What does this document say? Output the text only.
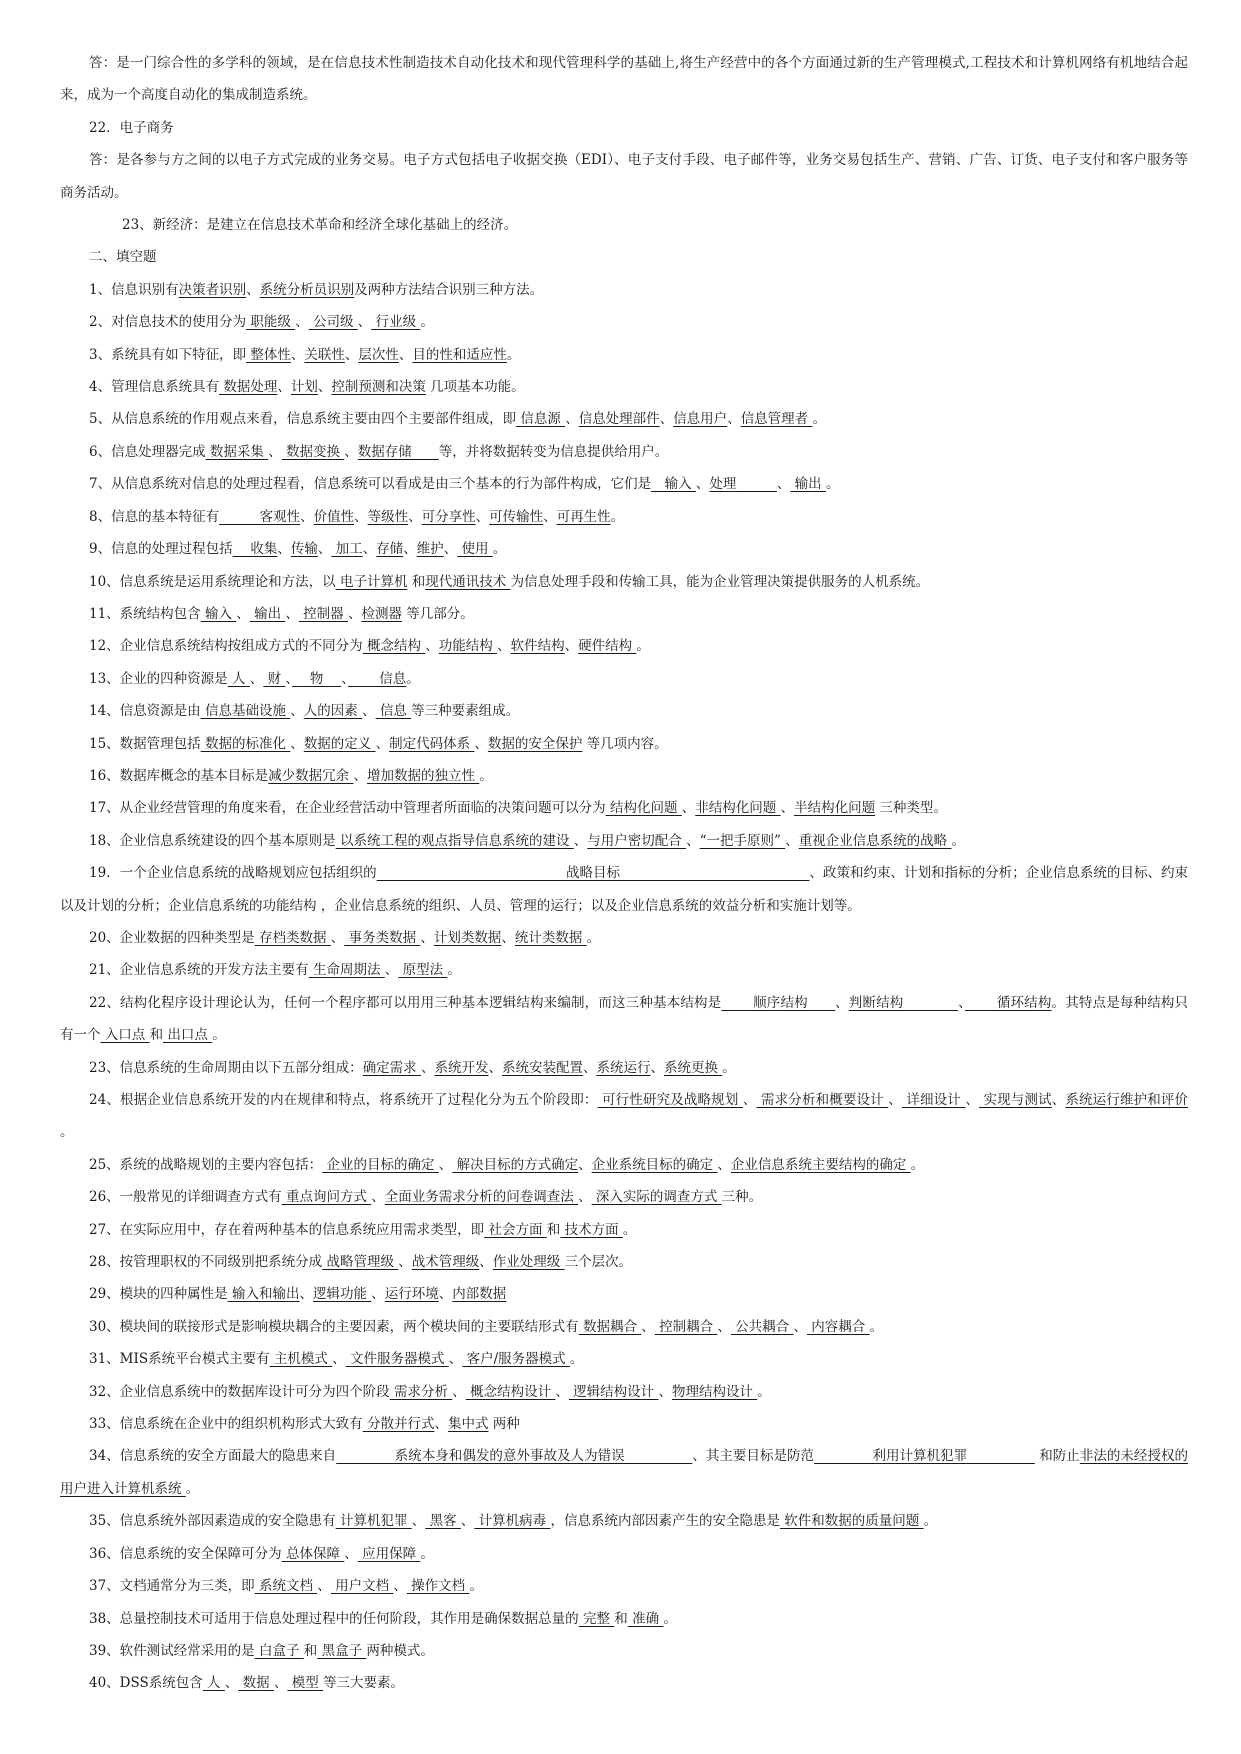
答：是一门综合性的多学科的领域，是在信息技术性制造技术自动化技术和现代管理科学的基础上,将生产经营中的各个方面通过新的生产管理模式,工程技术和计算机网络有机地结合起来，成为一个高度自动化的集成制造系统。

22．电子商务

答：是各参与方之间的以电子方式完成的业务交易。电子方式包括电子收据交换（EDI）、电子支付手段、电子邮件等，业务交易包括生产、营销、广告、订货、电子支付和客户服务等商务活动。

23、新经济：是建立在信息技术革命和经济全球化基础上的经济。

二、填空题

1、信息识别有决策者识别、系统分析员识别及两种方法结合识别三种方法。

2、对信息技术的使用分为 职能级 、 公司级 、 行业级 。

3、系统具有如下特征，即 整体性、关联性、层次性、目的性和适应性。

4、管理信息系统具有 数据处理、计划、控制预测和决策 几项基本功能。

5、从信息系统的作用观点来看，信息系统主要由四个主要部件组成，即 信息源 、信息处理部件、信息用户、信息管理者 。

6、信息处理器完成 数据采集 、 数据变换 、数据存储　　等，并将数据转变为信息提供给用户。

7、从信息系统对信息的处理过程看，信息系统可以看成是由三个基本的行为部件构成，它们是　输入 、处理　　　、 输出 。

8、信息的基本特征有　　　客观性、价值性、等级性、可分享性、可传输性、可再生性。

9、信息的处理过程包括　 收集、传输、 加工、存储、维护、 使用 。

10、信息系统是运用系统理论和方法，以 电子计算机 和现代通讯技术 为信息处理手段和传输工具，能为企业管理决策提供服务的人机系统。

11、系统结构包含 输入 、 输出 、 控制器 、检测器 等几部分。

12、企业信息系统结构按组成方式的不同分为 概念结构 、功能结构 、软件结构、硬件结构 。

13、企业的四种资源是 人 、 财 、　 物　 、　　 信息。

14、信息资源是由 信息基础设施 、人的因素 、 信息 等三种要素组成。

15、数据管理包括 数据的标准化 、数据的定义 、制定代码体系 、数据的安全保护 等几项内容。

16、数据库概念的基本目标是减少数据冗余 、增加数据的独立性 。

17、从企业经营管理的角度来看，在企业经营活动中管理者所面临的决策问题可以分为 结构化问题 、非结构化问题 、半结构化问题 三种类型。

18、企业信息系统建设的四个基本原则是 以系统工程的观点指导信息系统的建设 、与用户密切配合 、“一把手原则” 、重视企业信息系统的战略 。

19．一个企业信息系统的战略规划应包括组织的　　　　　　　　　　　　　　战略目标　　　　　　　　　　　　　　、政策和约束、计划和指标的分析；企业信息系统的目标、约束以及计划的分析；企业信息系统的功能结构 ，企业信息系统的组织、人员、管理的运行；以及企业信息系统的效益分析和实施计划等。

20、企业数据的四种类型是 存档类数据 、 事务类数据 、计划类数据、统计类数据 。

21、企业信息系统的开发方法主要有 生命周期法 、 原型法 。

22、结构化程序设计理论认为，任何一个程序都可以用用三种基本逻辑结构来编制，而这三种基本结构是　　 顺序结构　　、判断结构　　　　、　　 循环结构。其特点是每种结构只有一个 入口点 和 出口点 。

23、信息系统的生命周期由以下五部分组成：确定需求 、系统开发、系统安装配置、系统运行、系统更换 。

24、根据企业信息系统开发的内在规律和特点，将系统开了过程化分为五个阶段即： 可行性研究及战略规划 、 需求分析和概要设计 、 详细设计 、 实现与测试、系统运行维护和评价 。

25、系统的战略规划的主要内容包括： 企业的目标的确定 、 解决目标的方式确定、企业系统目标的确定 、企业信息系统主要结构的确定 。

26、一般常见的详细调查方式有 重点询问方式 、全面业务需求分析的问卷调查法 、 深入实际的调查方式 三种。

27、在实际应用中，存在着两种基本的信息系统应用需求类型，即 社会方面 和 技术方面 。

28、按管理职权的不同级别把系统分成 战略管理级 、战术管理级、作业处理级 三个层次。

29、模块的四种属性是 输入和输出、逻辑功能 、运行环境、内部数据

30、模块间的联接形式是影响模块耦合的主要因素，两个模块间的主要联结形式有 数据耦合 、 控制耦合 、 公共耦合 、 内容耦合 。

31、MIS系统平台模式主要有 主机模式 、 文件服务器模式 、 客户/服务器模式 。

32、企业信息系统中的数据库设计可分为四个阶段 需求分析 、 概念结构设计 、 逻辑结构设计 、物理结构设计 。

33、信息系统在企业中的组织机构形式大致有 分散并行式、集中式 两种

34、信息系统的安全方面最大的隐患来自　　　　 系统本身和偶发的意外事故及人为错误　　　　　、其主要目标是防范　　　　 利用计算机犯罪　　　　　 和防止非法的未经授权的用户进入计算机系统 。

35、信息系统外部因素造成的安全隐患有 计算机犯罪 、 黑客 、 计算机病毒 ，信息系统内部因素产生的安全隐患是 软件和数据的质量问题 。

36、信息系统的安全保障可分为 总体保障 、 应用保障 。

37、文档通常分为三类，即 系统文档 、 用户文档 、 操作文档 。

38、总量控制技术可适用于信息处理过程中的任何阶段，其作用是确保数据总量的 完整 和 准确 。

39、软件测试经常采用的是 白盒子 和 黑盒子 两种模式。

40、DSS系统包含 人 、 数据 、 模型 等三大要素。
